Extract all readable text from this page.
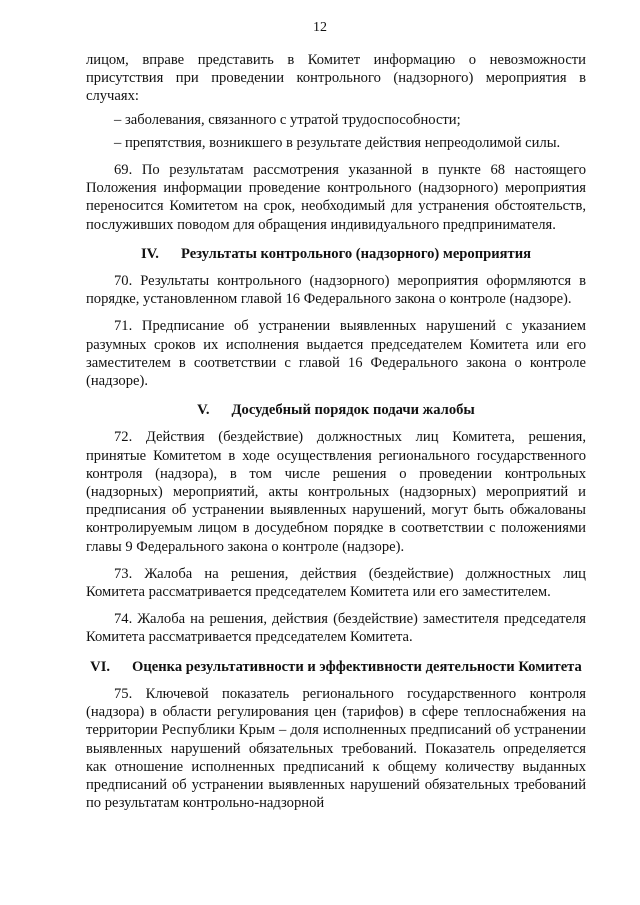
12

лицом, вправе представить в Комитет информацию о невозможности присутствия при проведении контрольного (надзорного) мероприятия в случаях:

– заболевания, связанного с утратой трудоспособности;

– препятствия, возникшего в результате действия непреодолимой силы.

69. По результатам рассмотрения указанной в пункте 68 настоящего Положения информации проведение контрольного (надзорного) мероприятия переносится Комитетом на срок, необходимый для устранения обстоятельств, послуживших поводом для обращения индивидуального предпринимателя.

IV. Результаты контрольного (надзорного) мероприятия

70. Результаты контрольного (надзорного) мероприятия оформляются в порядке, установленном главой 16 Федерального закона о контроле (надзоре).

71. Предписание об устранении выявленных нарушений с указанием разумных сроков их исполнения выдается председателем Комитета или его заместителем в соответствии с главой 16 Федерального закона о контроле (надзоре).

V. Досудебный порядок подачи жалобы

72. Действия (бездействие) должностных лиц Комитета, решения, принятые Комитетом в ходе осуществления регионального государственного контроля (надзора), в том числе решения о проведении контрольных (надзорных) мероприятий, акты контрольных (надзорных) мероприятий и предписания об устранении выявленных нарушений, могут быть обжалованы контролируемым лицом в досудебном порядке в соответствии с положениями главы 9 Федерального закона о контроле (надзоре).

73. Жалоба на решения, действия (бездействие) должностных лиц Комитета рассматривается председателем Комитета или его заместителем.

74. Жалоба на решения, действия (бездействие) заместителя председателя Комитета рассматривается председателем Комитета.

VI. Оценка результативности и эффективности деятельности Комитета

75. Ключевой показатель регионального государственного контроля (надзора) в области регулирования цен (тарифов) в сфере теплоснабжения на территории Республики Крым – доля исполненных предписаний об устранении выявленных нарушений обязательных требований. Показатель определяется как отношение исполненных предписаний к общему количеству выданных предписаний об устранении выявленных нарушений обязательных требований по результатам контрольно-надзорной
